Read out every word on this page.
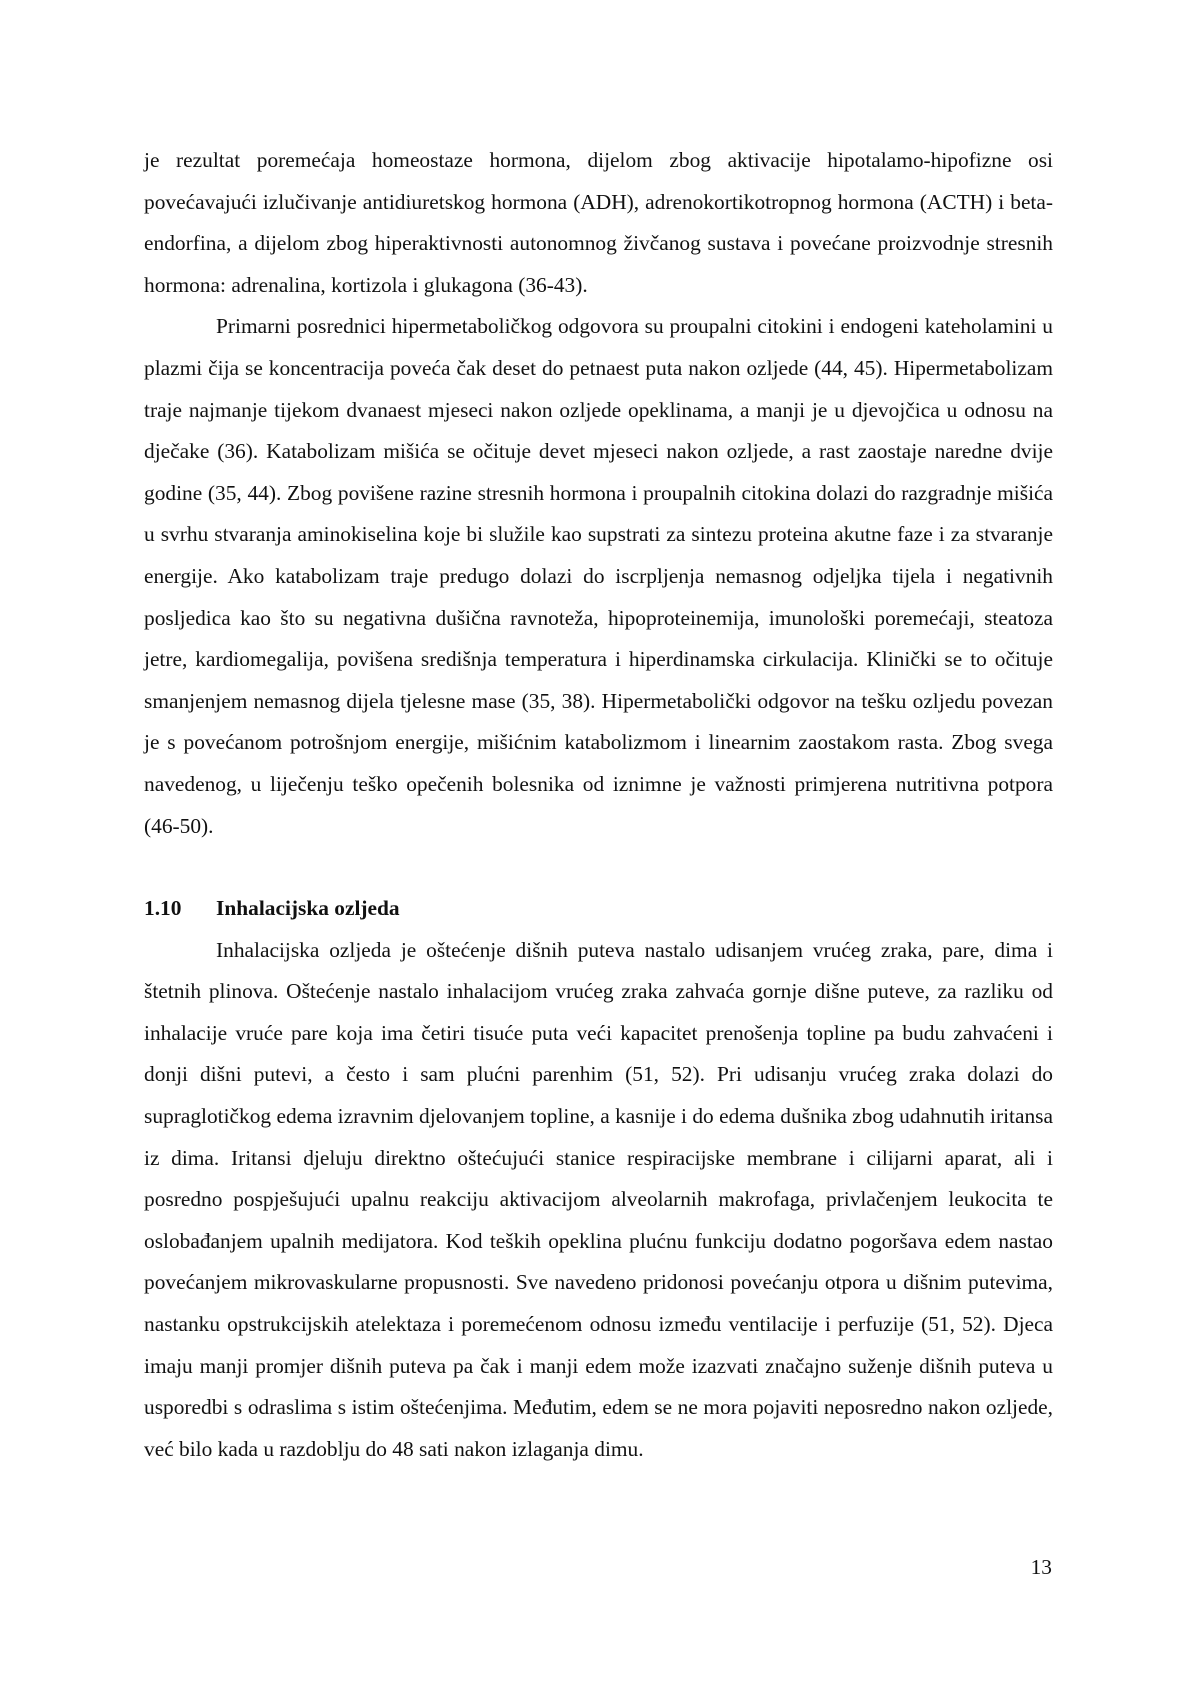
je rezultat poremećaja homeostaze hormona, dijelom zbog aktivacije hipotalamo-hipofizne osi povećavajući izlučivanje antidiuretskog hormona (ADH), adrenokortikotropnog hormona (ACTH) i beta-endorfina, a dijelom zbog hiperaktivnosti autonomnog živčanog sustava i povećane proizvodnje stresnih hormona: adrenalina, kortizola i glukagona (36-43).

Primarni posrednici hipermetaboličkog odgovora su proupalni citokini i endogeni kateholamini u plazmi čija se koncentracija poveća čak deset do petnaest puta nakon ozljede (44, 45). Hipermetabolizam traje najmanje tijekom dvanaest mjeseci nakon ozljede opeklinama, a manji je u djevojčica u odnosu na dječake (36). Katabolizam mišića se očituje devet mjeseci nakon ozljede, a rast zaostaje naredne dvije godine (35, 44). Zbog povišene razine stresnih hormona i proupalnih citokina dolazi do razgradnje mišića u svrhu stvaranja aminokiselina koje bi služile kao supstrati za sintezu proteina akutne faze i za stvaranje energije. Ako katabolizam traje predugo dolazi do iscrpljenja nemasnog odjeljka tijela i negativnih posljedica kao što su negativna dušična ravnoteža, hipoproteinemija, imunološki poremećaji, steatoza jetre, kardiomegalija, povišena središnja temperatura i hiperdinamska cirkulacija. Klinički se to očituje smanjenjem nemasnog dijela tjelesne mase (35, 38). Hipermetabolički odgovor na tešku ozljedu povezan je s povećanom potrošnjom energije, mišićnim katabolizmom i linearnim zaostakom rasta. Zbog svega navedenog, u liječenju teško opečenih bolesnika od iznimne je važnosti primjerena nutritivna potpora (46-50).

1.10 Inhalacijska ozljeda

Inhalacijska ozljeda je oštećenje dišnih puteva nastalo udisanjem vrućeg zraka, pare, dima i štetnih plinova. Oštećenje nastalo inhalacijom vrućeg zraka zahvaća gornje dišne puteve, za razliku od inhalacije vruće pare koja ima četiri tisuće puta veći kapacitet prenošenja topline pa budu zahvaćeni i donji dišni putevi, a često i sam plućni parenhim (51, 52). Pri udisanju vrućeg zraka dolazi do supraglotičkog edema izravnim djelovanjem topline, a kasnije i do edema dušnika zbog udahnutih iritansa iz dima. Iritansi djeluju direktno oštećujući stanice respiracijske membrane i cilijarni aparat, ali i posredno pospješujući upalnu reakciju aktivacijom alveolarnih makrofaga, privlačenjem leukocita te oslobađanjem upalnih medijatora. Kod teških opeklina plućnu funkciju dodatno pogoršava edem nastao povećanjem mikrovaskularne propusnosti. Sve navedeno pridonosi povećanju otpora u dišnim putevima, nastanku opstrukcijskih atelektaza i poremećenom odnosu između ventilacije i perfuzije (51, 52). Djeca imaju manji promjer dišnih puteva pa čak i manji edem može izazvati značajno suženje dišnih puteva u usporedbi s odraslima s istim oštećenjima. Međutim, edem se ne mora pojaviti neposredno nakon ozljede, već bilo kada u razdoblju do 48 sati nakon izlaganja dimu.

13
